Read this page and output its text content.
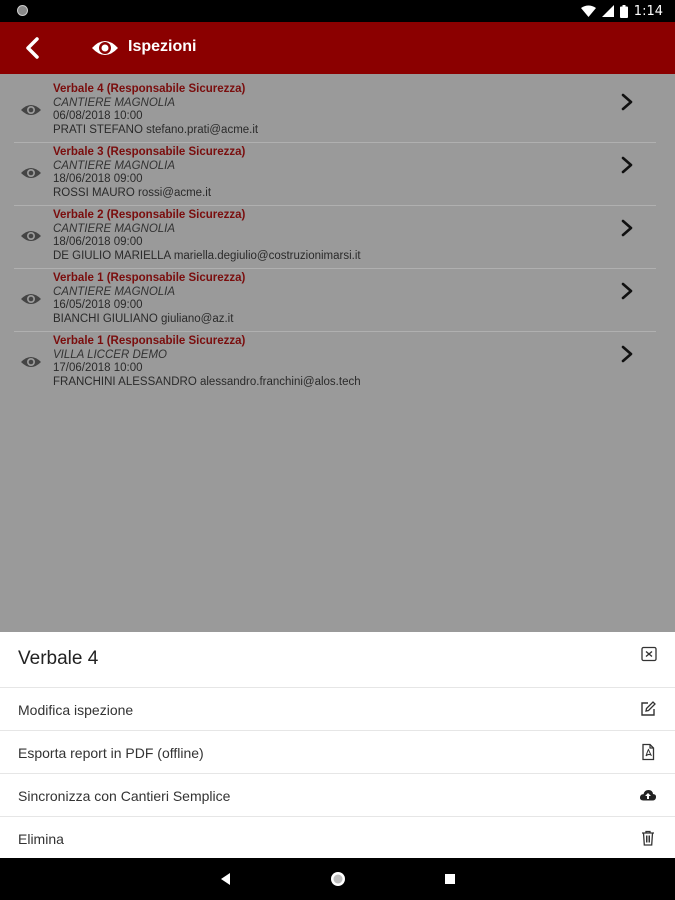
1:14
Ispezioni
Verbale 4 (Responsabile Sicurezza)
CANTIERE MAGNOLIA
06/08/2018 10:00
PRATI STEFANO stefano.prati@acme.it
Verbale 3 (Responsabile Sicurezza)
CANTIERE MAGNOLIA
18/06/2018 09:00
ROSSI MAURO rossi@acme.it
Verbale 2 (Responsabile Sicurezza)
CANTIERE MAGNOLIA
18/06/2018 09:00
DE GIULIO MARIELLA mariella.degiulio@costruzionimarsi.it
Verbale 1 (Responsabile Sicurezza)
CANTIERE MAGNOLIA
16/05/2018 09:00
BIANCHI GIULIANO giuliano@az.it
Verbale 1 (Responsabile Sicurezza)
VILLA LICCER DEMO
17/06/2018 10:00
FRANCHINI ALESSANDRO alessandro.franchini@alos.tech
Verbale 4
Modifica ispezione
Esporta report in PDF (offline)
Sincronizza con Cantieri Semplice
Elimina
